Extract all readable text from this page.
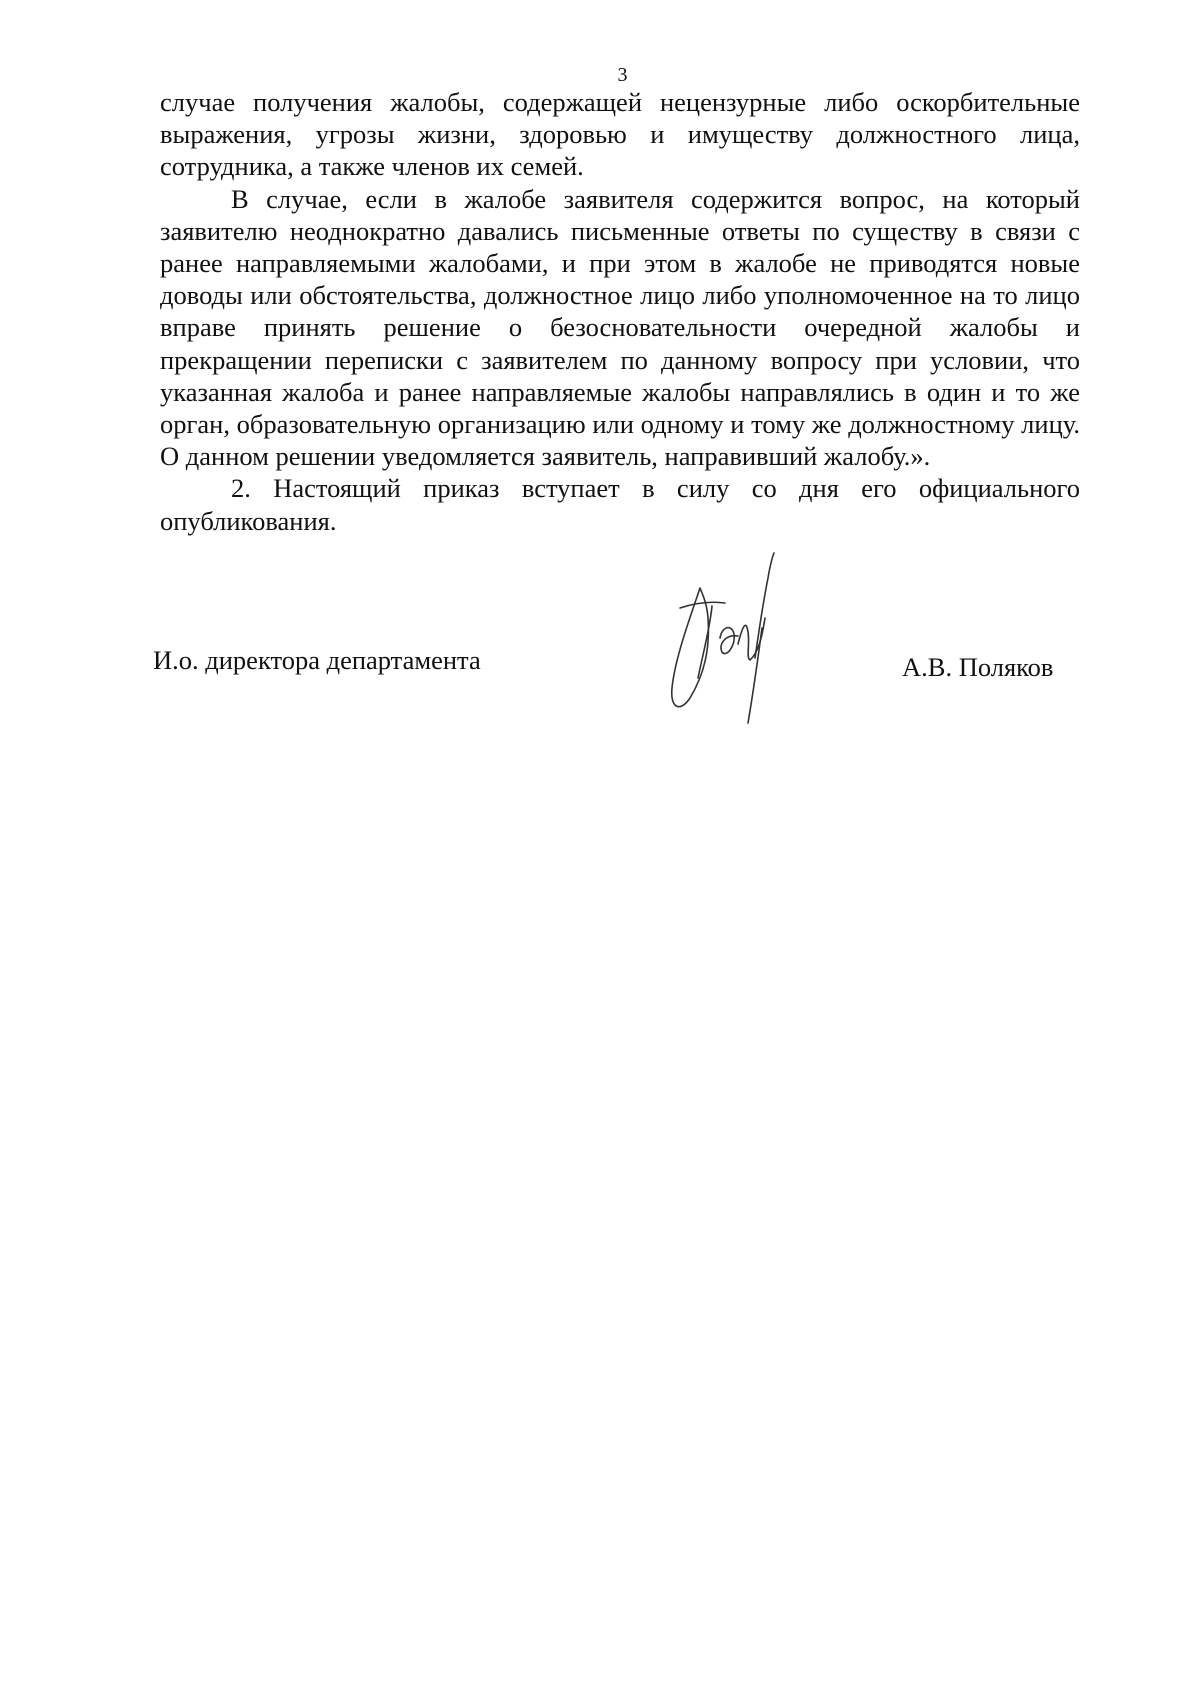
3

случае получения жалобы, содержащей нецензурные либо оскорбительные выражения, угрозы жизни, здоровью и имуществу должностного лица, сотрудника, а также членов их семей.

В случае, если в жалобе заявителя содержится вопрос, на который заявителю неоднократно давались письменные ответы по существу в связи с ранее направляемыми жалобами, и при этом в жалобе не приводятся новые доводы или обстоятельства, должностное лицо либо уполномоченное на то лицо вправе принять решение о безосновательности очередной жалобы и прекращении переписки с заявителем по данному вопросу при условии, что указанная жалоба и ранее направляемые жалобы направлялись в один и то же орган, образовательную организацию или одному и тому же должностному лицу. О данном решении уведомляется заявитель, направивший жалобу.».

2. Настоящий приказ вступает в силу со дня его официального опубликования.

И.о. директора департамента	А.В. Поляков
